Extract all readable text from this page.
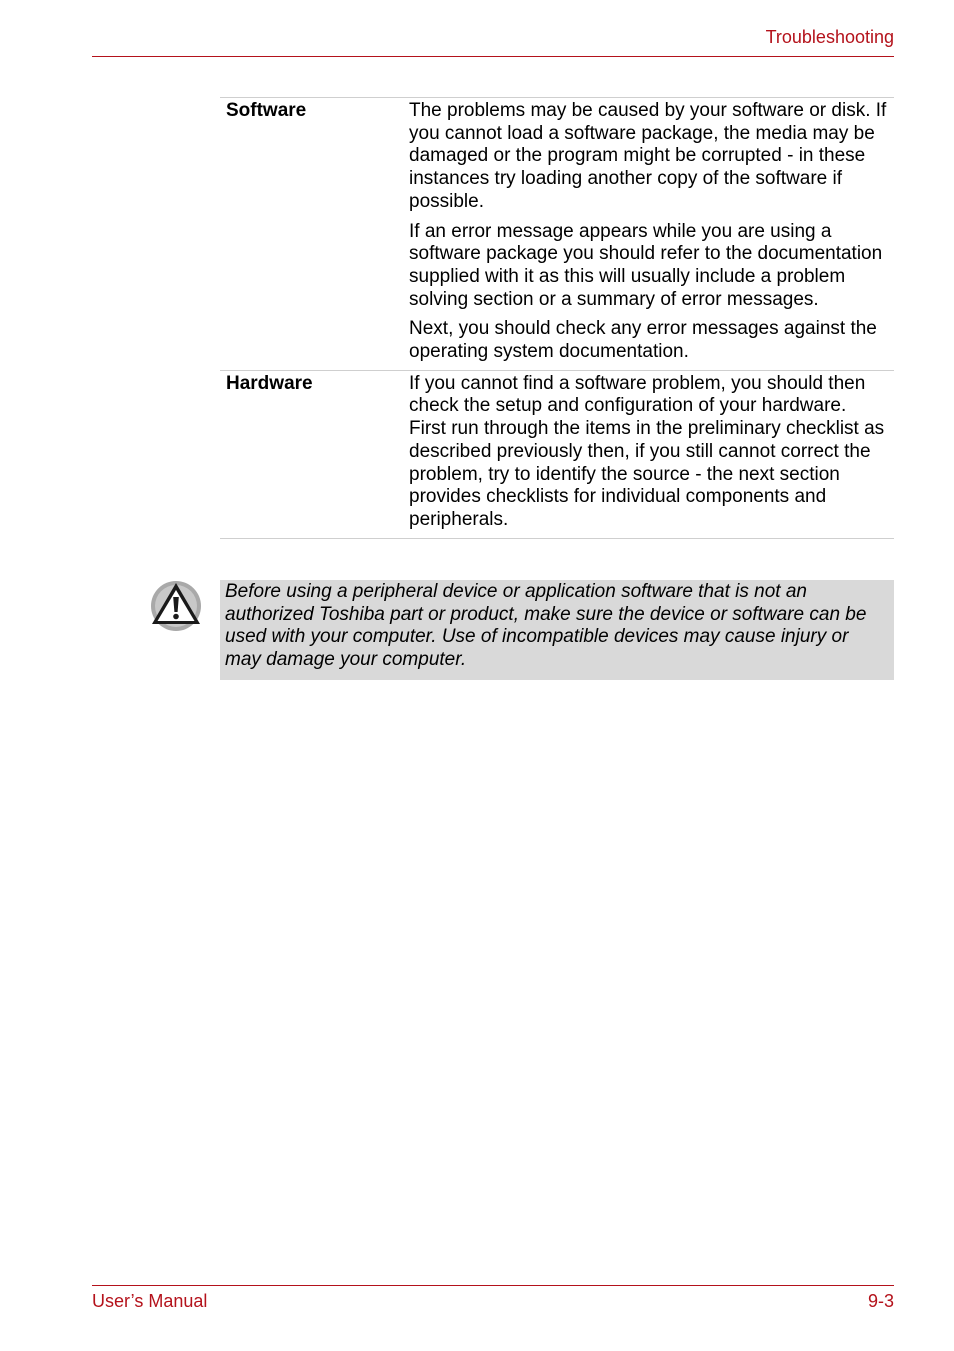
Troubleshooting
Software	The problems may be caused by your software or disk. If you cannot load a software package, the media may be damaged or the program might be corrupted - in these instances try loading another copy of the software if possible.

If an error message appears while you are using a software package you should refer to the documentation supplied with it as this will usually include a problem solving section or a summary of error messages.

Next, you should check any error messages against the operating system documentation.

Hardware	If you cannot find a software problem, you should then check the setup and configuration of your hardware. First run through the items in the preliminary checklist as described previously then, if you still cannot correct the problem, try to identify the source - the next section provides checklists for individual components and peripherals.

Before using a peripheral device or application software that is not an authorized Toshiba part or product, make sure the device or software can be used with your computer. Use of incompatible devices may cause injury or may damage your computer.
User’s Manual	9-3
